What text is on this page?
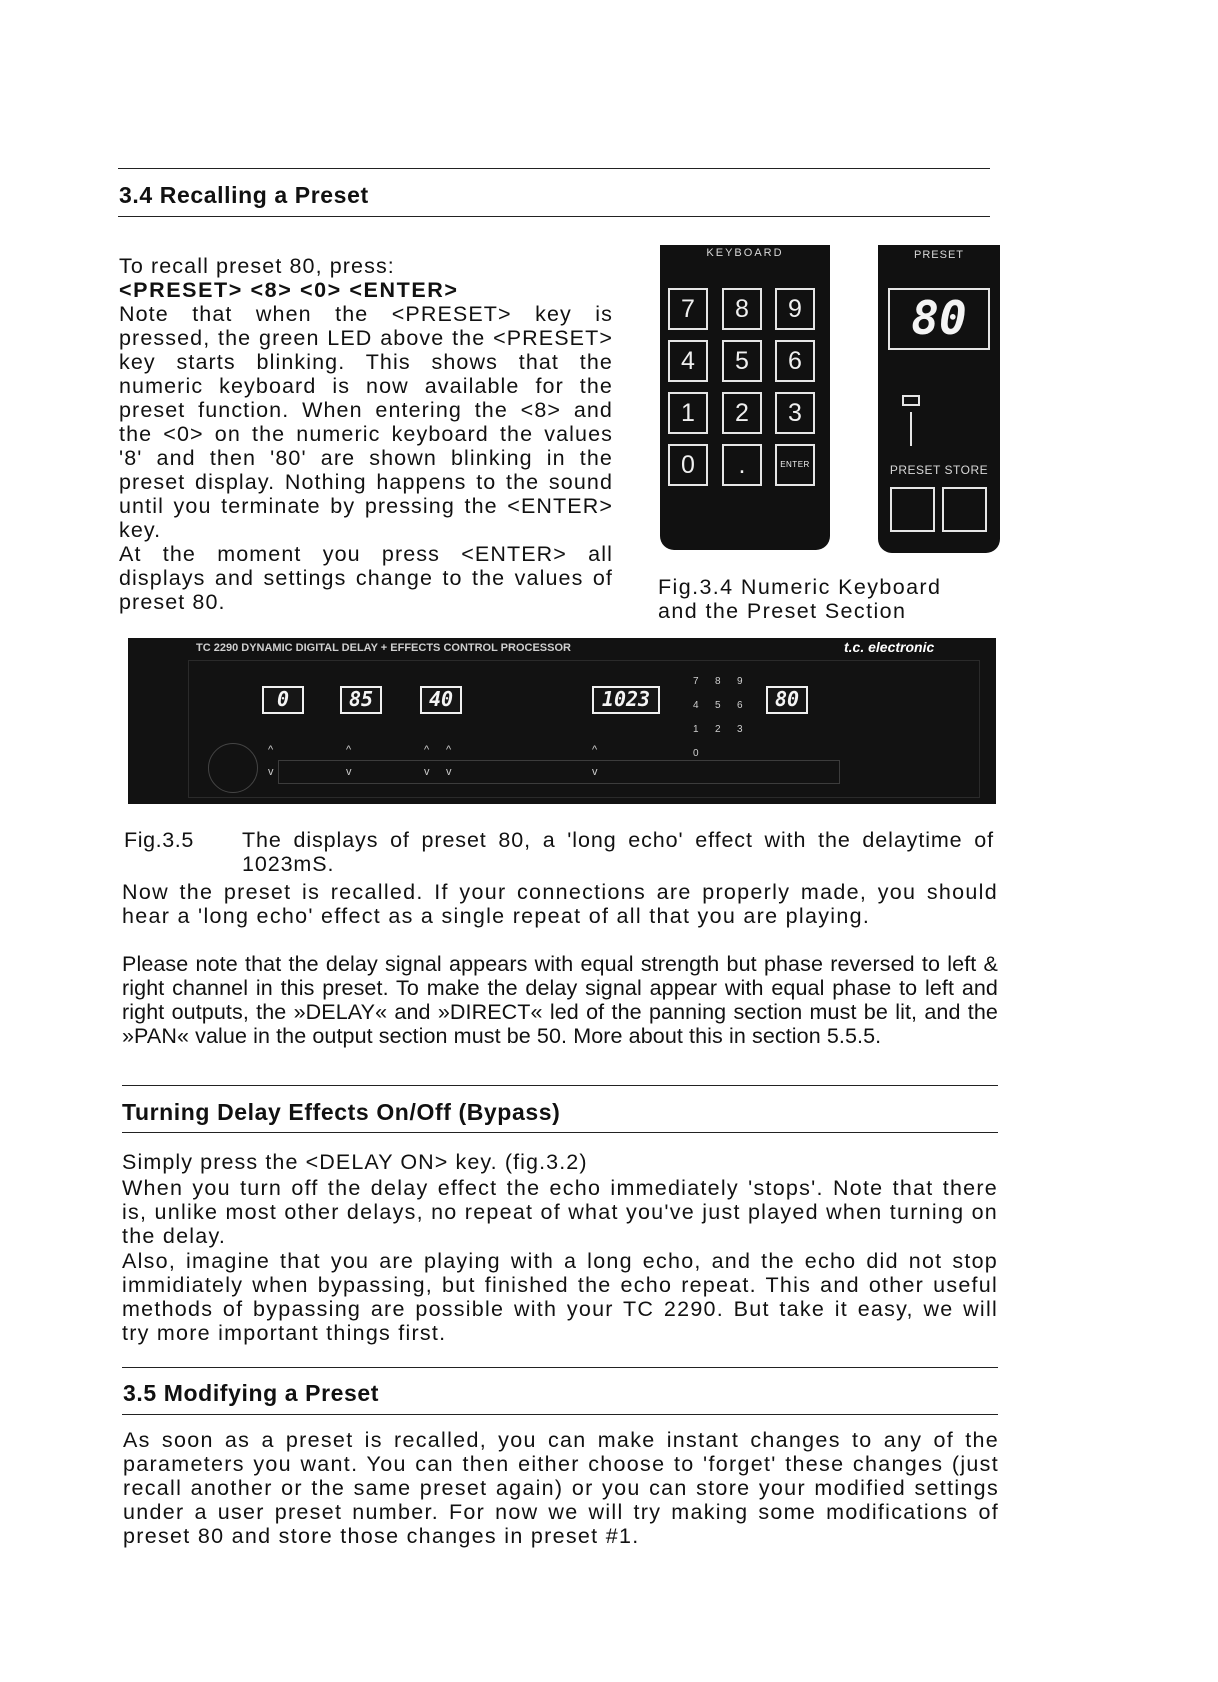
3.4 Recalling a Preset
To recall preset 80, press:
<PRESET> <8> <0> <ENTER>
Note that when the <PRESET> key is pressed, the green LED above the <PRESET> key starts blinking. This shows that the numeric keyboard is now available for the preset function. When entering the <8> and the <0> on the numeric keyboard the values '8' and then '80' are shown blinking in the preset display. Nothing happens to the sound until you terminate by pressing the <ENTER> key.
At the moment you press <ENTER> all displays and settings change to the values of preset 80.
KEYBOARD
7	8	9
4	5	6
1	2	3
0	.	ENTER
PRESET
80
PRESET STORE
Fig.3.4 Numeric Keyboard
and the Preset Section
TC 2290 DYNAMIC DIGITAL DELAY + EFFECTS CONTROL PROCESSOR	t.c. electronic
0	85	40	1023	80
7 8 9
4 5 6
1 2 3
0
^
v
^
v
^
v
^
v
^
v
Fig.3.5 The displays of preset 80, a 'long echo' effect with the delaytime of 1023mS.
Now the preset is recalled. If your connections are properly made, you should hear a 'long echo' effect as a single repeat of all that you are playing.
Please note that the delay signal appears with equal strength but phase reversed to left & right channel in this preset. To make the delay signal appear with equal phase to left and right outputs, the »DELAY« and »DIRECT« led of the panning section must be lit, and the »PAN« value in the output section must be 50. More about this in section 5.5.5.
Turning Delay Effects On/Off (Bypass)
Simply press the <DELAY ON> key. (fig.3.2)
When you turn off the delay effect the echo immediately 'stops'. Note that there is, unlike most other delays, no repeat of what you've just played when turning on the delay.
Also, imagine that you are playing with a long echo, and the echo did not stop immidiately when bypassing, but finished the echo repeat. This and other useful methods of bypassing are possible with your TC 2290. But take it easy, we will try more important things first.
3.5 Modifying a Preset
As soon as a preset is recalled, you can make instant changes to any of the parameters you want. You can then either choose to 'forget' these changes (just recall another or the same preset again) or you can store your modified settings under a user preset number. For now we will try making some modifications of preset 80 and store those changes in preset #1.
